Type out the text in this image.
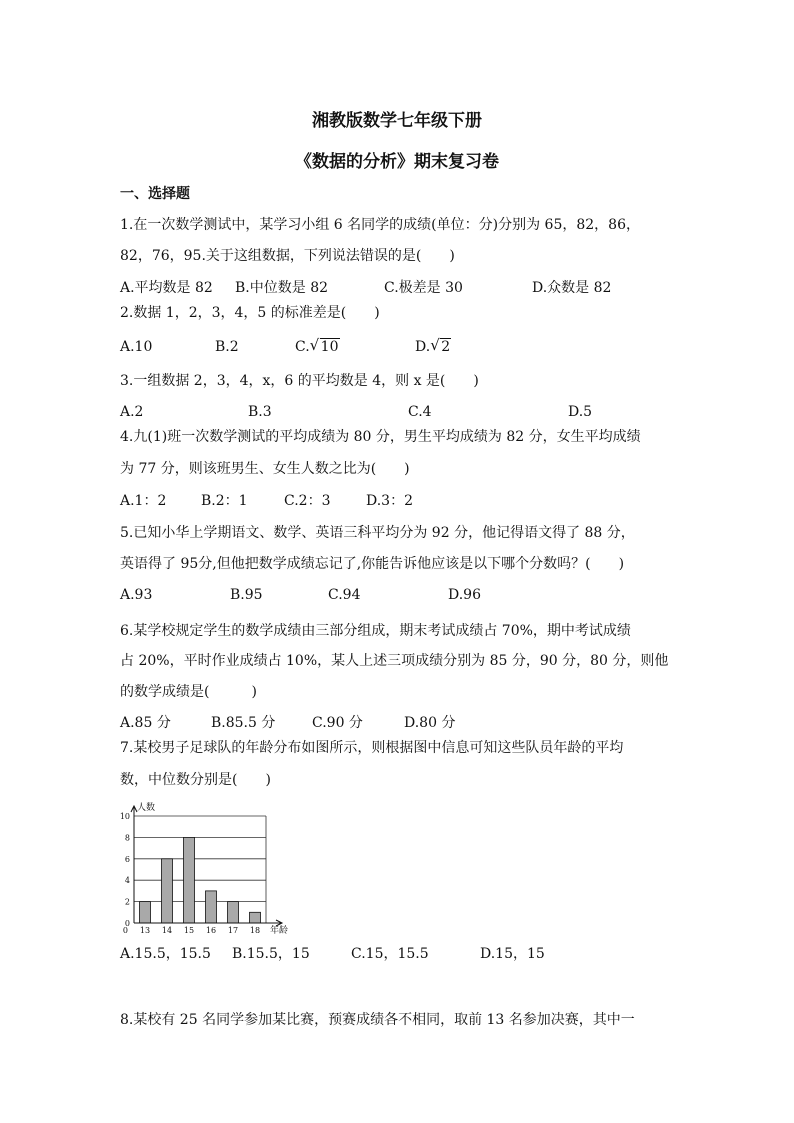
湘教版数学七年级下册
《数据的分析》期末复习卷
一、选择题
1.在一次数学测试中，某学习小组 6 名同学的成绩(单位：分)分别为 65，82，86，
82，76，95.关于这组数据，下列说法错误的是(　　)
A.平均数是 82 B.中位数是 82	C.极差是 30	D.众数是 82
2.数据 1，2，3，4，5 的标准差是(　　)
A.10	B.2	C. √ 10	D. √ 2
3.一组数据 2，3，4，x，6 的平均数是 4，则 x 是(　　)
A.2	B.3	C.4	D.5
4.九(1)班一次数学测试的平均成绩为 80 分，男生平均成绩为 82 分，女生平均成绩
为 77 分，则该班男生、女生人数之比为(　　)
A.1：2 B.2：1	C.2：3	D.3：2
5.已知小华上学期语文、数学、英语三科平均分为 92 分，他记得语文得了 88 分，
英语得了 95分,但他把数学成绩忘记了,你能告诉他应该是以下哪个分数吗？(　　)
A.93	B.95	C.94	D.96
6.某学校规定学生的数学成绩由三部分组成，期末考试成绩占 70%，期中考试成绩
占 20%，平时作业成绩占 10%，某人上述三项成绩分别为 85 分，90 分，80 分，则他
的数学成绩是(　　　)
A.85 分	B.85.5 分	C.90 分	D.80 分
7.某校男子足球队的年龄分布如图所示，则根据图中信息可知这些队员年龄的平均
数，中位数分别是(　　)
0
2
4
6
8
10
13 14 15 16 17 18
0
人数
年龄
A.15.5，15.5 B.15.5，15	C.15，15.5	D.15，15
8.某校有 25 名同学参加某比赛，预赛成绩各不相同，取前 13 名参加决赛，其中一
